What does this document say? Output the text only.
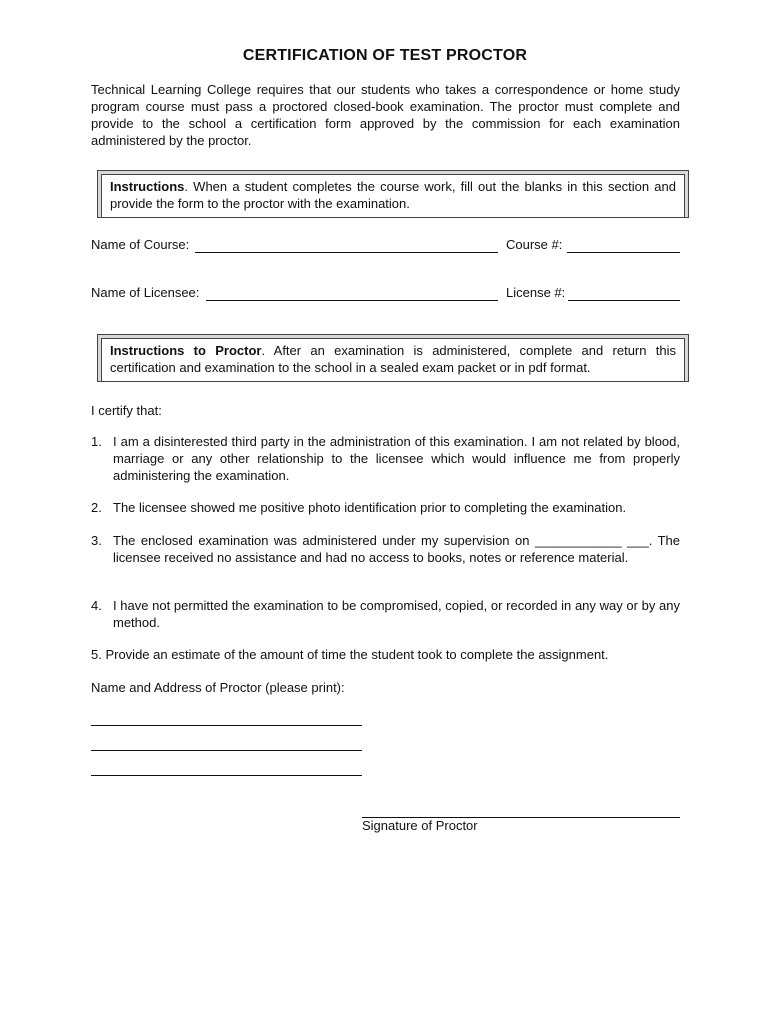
CERTIFICATION OF TEST PROCTOR
Technical Learning College requires that our students who takes a correspondence or home study program course must pass a proctored closed-book examination. The proctor must complete and provide to the school a certification form approved by the commission for each examination administered by the proctor.
Instructions. When a student completes the course work, fill out the blanks in this section and provide the form to the proctor with the examination.
Name of Course:	Course #:
Name of Licensee:	License #:
Instructions to Proctor. After an examination is administered, complete and return this certification and examination to the school in a sealed exam packet or in pdf format.
I certify that:
1. I am a disinterested third party in the administration of this examination. I am not related by blood, marriage or any other relationship to the licensee which would influence me from properly administering the examination.
2. The licensee showed me positive photo identification prior to completing the examination.
3. The enclosed examination was administered under my supervision on ____________ ___. The licensee received no assistance and had no access to books, notes or reference material.
4. I have not permitted the examination to be compromised, copied, or recorded in any way or by any method.
5. Provide an estimate of the amount of time the student took to complete the assignment.
Name and Address of Proctor (please print):
Signature of Proctor
